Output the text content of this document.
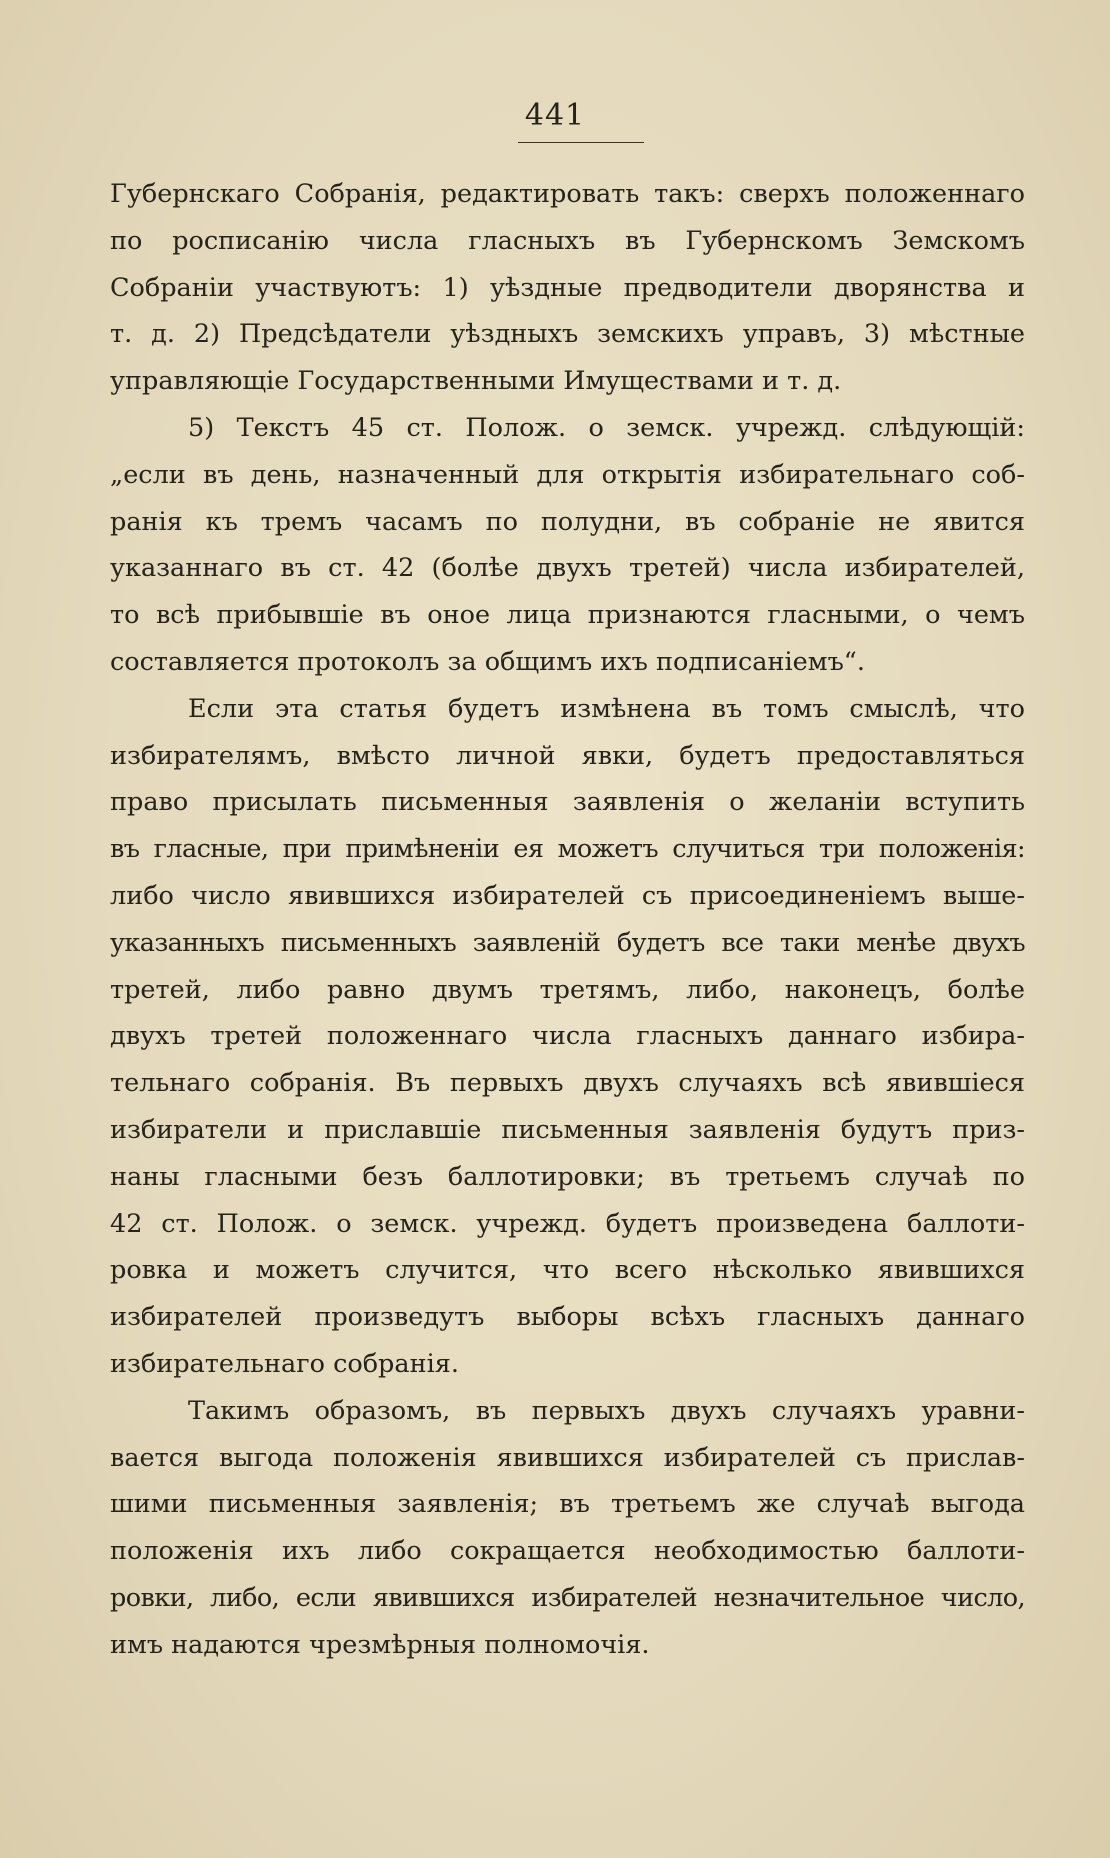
441
Губернскаго Собранія, редактировать такъ: сверхъ положеннаго
по росписанію числа гласныхъ въ Губернскомъ Земскомъ
Собраніи участвуютъ: 1) уѣздные предводители дворянства и
т. д. 2) Предсѣдатели уѣздныхъ земскихъ управъ, 3) мѣстные
управляющіе Государственными Имуществами и т. д.
5) Текстъ 45 ст. Полож. о земск. учрежд. слѣдующій:
„если въ день, назначенный для открытія избирательнаго соб-
ранія къ тремъ часамъ по полудни, въ собраніе не явится
указаннаго въ ст. 42 (болѣе двухъ третей) числа избирателей,
то всѣ прибывшіе въ оное лица признаются гласными, о чемъ
составляется протоколъ за общимъ ихъ подписаніемъ“.
Если эта статья будетъ измѣнена въ томъ смыслѣ, что
избирателямъ, вмѣсто личной явки, будетъ предоставляться
право присылать письменныя заявленія о желаніи вступить
въ гласные, при примѣненіи ея можетъ случиться три положенія:
либо число явившихся избирателей съ присоединеніемъ выше-
указанныхъ письменныхъ заявленій будетъ все таки менѣе двухъ
третей, либо равно двумъ третямъ, либо, наконецъ, болѣе
двухъ третей положеннаго числа гласныхъ даннаго избира-
тельнаго собранія. Въ первыхъ двухъ случаяхъ всѣ явившіеся
избиратели и приславшіе письменныя заявленія будутъ приз-
наны гласными безъ баллотировки; въ третьемъ случаѣ по
42 ст. Полож. о земск. учрежд. будетъ произведена баллоти-
ровка и можетъ случится, что всего нѣсколько явившихся
избирателей произведутъ выборы всѣхъ гласныхъ даннаго
избирательнаго собранія.
Такимъ образомъ, въ первыхъ двухъ случаяхъ уравни-
вается выгода положенія явившихся избирателей съ прислав-
шими письменныя заявленія; въ третьемъ же случаѣ выгода
положенія ихъ либо сокращается необходимостью баллоти-
ровки, либо, если явившихся избирателей незначительное число,
имъ надаются чрезмѣрныя полномочія.
